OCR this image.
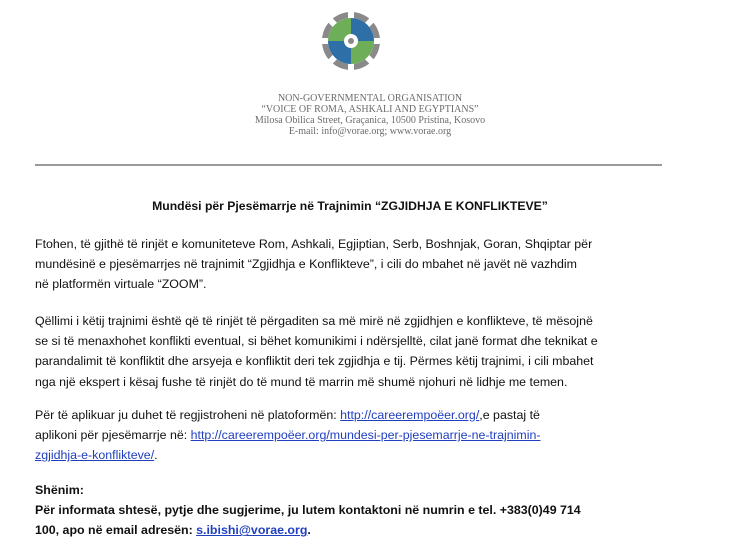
NON-GOVERNMENTAL ORGANISATION
“VOICE OF ROMA, ASHKALI AND EGYPTIANS”
Milosa Obilica Street, Graçanica, 10500 Pristina, Kosovo
E-mail: info@vorae.org; www.vorae.org
Mundësi për Pjesëmarrje në Trajnimin “ZGJIDHJA E KONFLIKTEVE”
Ftohen, të gjithë të rinjët e komuniteteve Rom, Ashkali, Egjiptian, Serb, Boshnjak, Goran, Shqiptar për
mundësinë e pjesëmarrjes në trajnimit “Zgjidhja e Konflikteve”, i cili do mbahet në javët në vazhdim
në platformën virtuale “ZOOM”.
Qëllimi i këtij trajnimi është që të rinjët të përgaditen sa më mirë në zgjidhjen e konflikteve, të mësojnë
se si të menaxhohet konflikti eventual, si bëhet komunikimi i ndërsjelltë, cilat janë format dhe teknikat e
parandalimit të konfliktit dhe arsyeja e konfliktit deri tek zgjidhja e tij. Përmes këtij trajnimi, i cili mbahet
nga një ekspert i kësaj fushe të rinjët do të mund të marrin më shumë njohuri në lidhje me temen.
Për të aplikuar ju duhet të regjistroheni në platoformën: http://careerempoëer.org/,e pastaj të
aplikoni për pjesëmarrje në: http://careerempoëer.org/mundesi-per-pjesemarrje-ne-trajnimin-
zgjidhja-e-konflikteve/.
Shënim:
Për informata shtesë, pytje dhe sugjerime, ju lutem kontaktoni në numrin e tel. +383(0)49 714
100, apo në email adresën: s.ibishi@vorae.org.
